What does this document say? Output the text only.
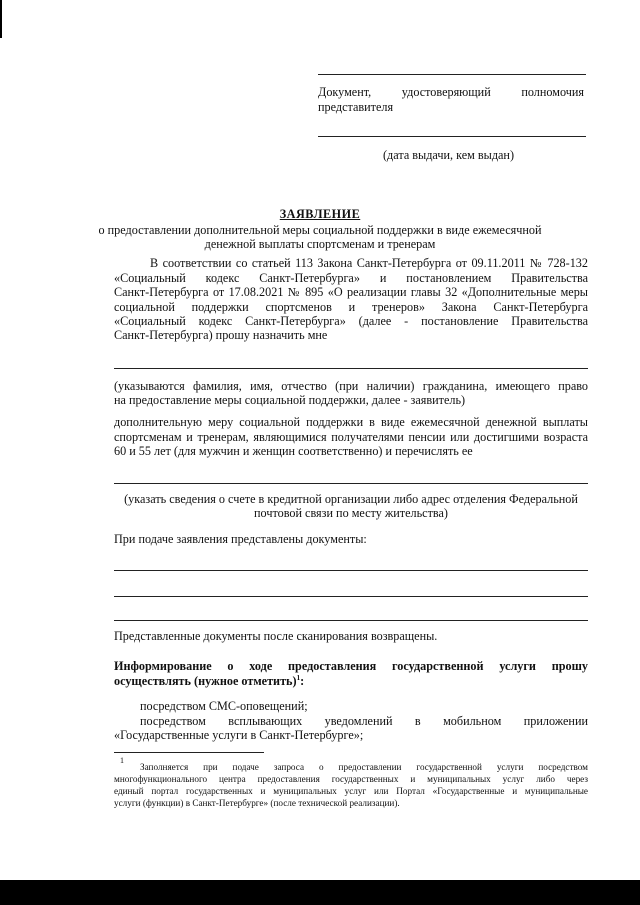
Документ,	удостоверяющий	полномочия
представителя
(дата выдачи, кем выдан)
ЗАЯВЛЕНИЕ
о предоставлении дополнительной меры социальной поддержки в виде ежемесячной
денежной выплаты спортсменам и тренерам
В соответствии со статьей 113 Закона Санкт-Петербурга от 09.11.2011 № 728-132
«Социальный кодекс Санкт-Петербурга» и постановлением Правительства
Санкт-Петербурга от 17.08.2021 № 895 «О реализации главы 32 «Дополнительные меры
социальной поддержки спортсменов и тренеров» Закона Санкт-Петербурга
«Социальный кодекс Санкт-Петербурга» (далее - постановление Правительства
Санкт-Петербурга) прошу назначить мне
(указываются фамилия, имя, отчество (при наличии) гражданина, имеющего право
на предоставление меры социальной поддержки, далее - заявитель)
дополнительную меру социальной поддержки в виде ежемесячной денежной выплаты
спортсменам и тренерам, являющимися получателями пенсии или достигшими возраста
60 и 55 лет (для мужчин и женщин соответственно) и перечислять ее
(указать сведения о счете в кредитной организации либо адрес отделения Федеральной
почтовой связи по месту жительства)
При подаче заявления представлены документы:
Представленные документы после сканирования возвращены.
Информирование о ходе предоставления государственной услуги прошу
осуществлять (нужное отметить)$^1$:
посредством СМС-оповещений;
посредством всплывающих уведомлений в мобильном приложении
«Государственные услуги в Санкт-Петербурге»;
1
Заполняется при подаче запроса о предоставлении государственной услуги посредством
многофункционального центра предоставления государственных и муниципальных услуг либо через
единый портал государственных и муниципальных услуг или Портал «Государственные и муниципальные
услуги (функции) в Санкт-Петербурге» (после технической реализации).
